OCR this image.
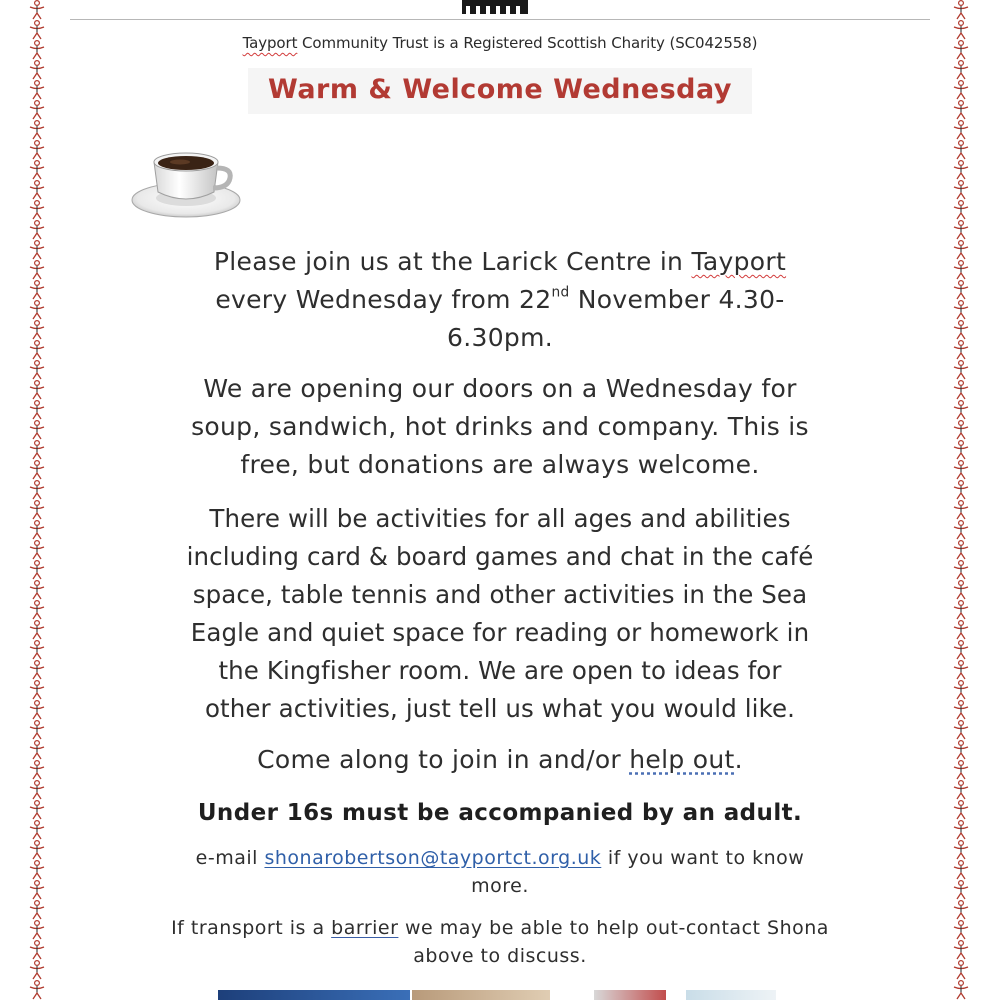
Tayport Community Trust is a Registered Scottish Charity (SC042558)
Warm & Welcome Wednesday
Please join us at the Larick Centre in Tayport
every Wednesday from 22nd November 4.30-
6.30pm.
We are opening our doors on a Wednesday for
soup, sandwich, hot drinks and company. This is
free, but donations are always welcome.
There will be activities for all ages and abilities
including card & board games and chat in the café
space, table tennis and other activities in the Sea
Eagle and quiet space for reading or homework in
the Kingfisher room. We are open to ideas for
other activities, just tell us what you would like.
Come along to join in and/or help out.
Under 16s must be accompanied by an adult.
e-mail shonarobertson@tayportct.org.uk if you want to know
more.
If transport is a barrier we may be able to help out-contact Shona
above to discuss.
